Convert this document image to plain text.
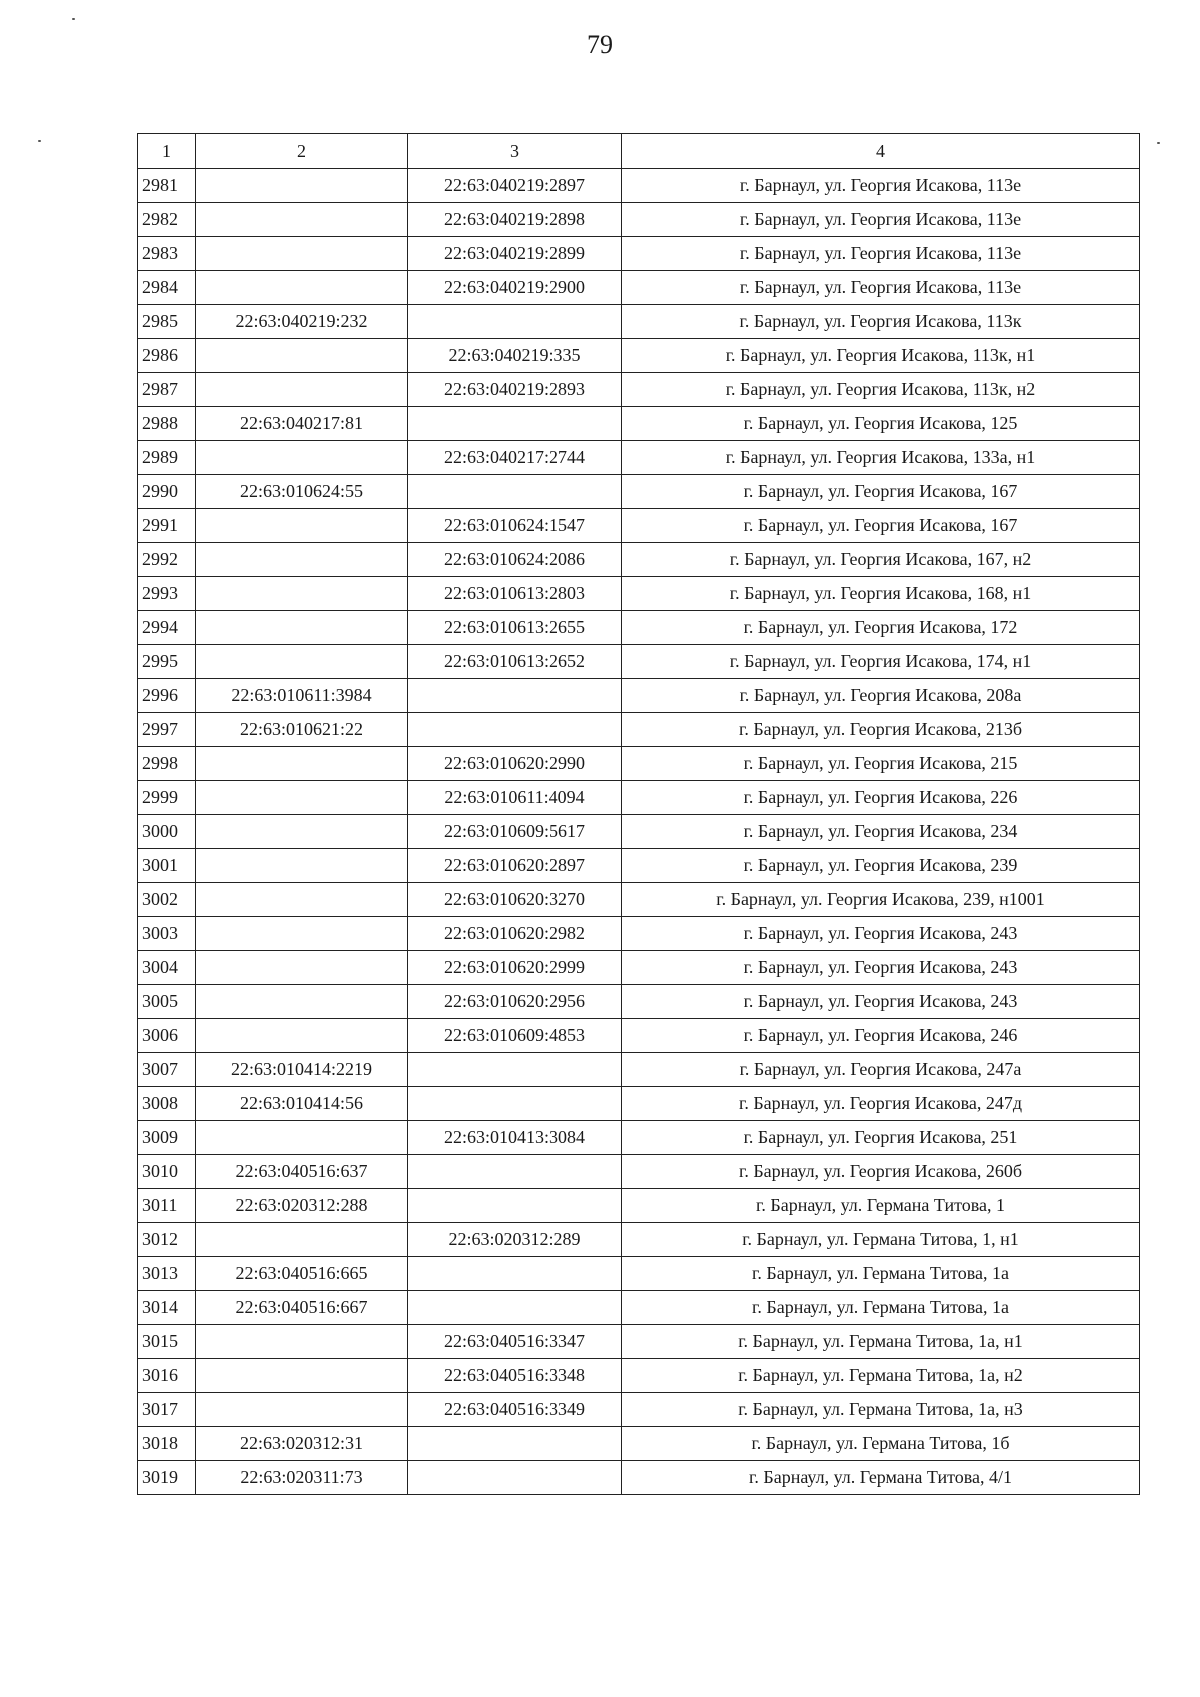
79
1	2	3	4
2981		22:63:040219:2897	г. Барнаул, ул. Георгия Исакова, 113е
2982		22:63:040219:2898	г. Барнаул, ул. Георгия Исакова, 113е
2983		22:63:040219:2899	г. Барнаул, ул. Георгия Исакова, 113е
2984		22:63:040219:2900	г. Барнаул, ул. Георгия Исакова, 113е
2985	22:63:040219:232		г. Барнаул, ул. Георгия Исакова, 113к
2986		22:63:040219:335	г. Барнаул, ул. Георгия Исакова, 113к, н1
2987		22:63:040219:2893	г. Барнаул, ул. Георгия Исакова, 113к, н2
2988	22:63:040217:81		г. Барнаул, ул. Георгия Исакова, 125
2989		22:63:040217:2744	г. Барнаул, ул. Георгия Исакова, 133а, н1
2990	22:63:010624:55		г. Барнаул, ул. Георгия Исакова, 167
2991		22:63:010624:1547	г. Барнаул, ул. Георгия Исакова, 167
2992		22:63:010624:2086	г. Барнаул, ул. Георгия Исакова, 167, н2
2993		22:63:010613:2803	г. Барнаул, ул. Георгия Исакова, 168, н1
2994		22:63:010613:2655	г. Барнаул, ул. Георгия Исакова, 172
2995		22:63:010613:2652	г. Барнаул, ул. Георгия Исакова, 174, н1
2996	22:63:010611:3984		г. Барнаул, ул. Георгия Исакова, 208а
2997	22:63:010621:22		г. Барнаул, ул. Георгия Исакова, 213б
2998		22:63:010620:2990	г. Барнаул, ул. Георгия Исакова, 215
2999		22:63:010611:4094	г. Барнаул, ул. Георгия Исакова, 226
3000		22:63:010609:5617	г. Барнаул, ул. Георгия Исакова, 234
3001		22:63:010620:2897	г. Барнаул, ул. Георгия Исакова, 239
3002		22:63:010620:3270	г. Барнаул, ул. Георгия Исакова, 239, н1001
3003		22:63:010620:2982	г. Барнаул, ул. Георгия Исакова, 243
3004		22:63:010620:2999	г. Барнаул, ул. Георгия Исакова, 243
3005		22:63:010620:2956	г. Барнаул, ул. Георгия Исакова, 243
3006		22:63:010609:4853	г. Барнаул, ул. Георгия Исакова, 246
3007	22:63:010414:2219		г. Барнаул, ул. Георгия Исакова, 247а
3008	22:63:010414:56		г. Барнаул, ул. Георгия Исакова, 247д
3009		22:63:010413:3084	г. Барнаул, ул. Георгия Исакова, 251
3010	22:63:040516:637		г. Барнаул, ул. Георгия Исакова, 260б
3011	22:63:020312:288		г. Барнаул, ул. Германа Титова, 1
3012		22:63:020312:289	г. Барнаул, ул. Германа Титова, 1, н1
3013	22:63:040516:665		г. Барнаул, ул. Германа Титова, 1а
3014	22:63:040516:667		г. Барнаул, ул. Германа Титова, 1а
3015		22:63:040516:3347	г. Барнаул, ул. Германа Титова, 1а, н1
3016		22:63:040516:3348	г. Барнаул, ул. Германа Титова, 1а, н2
3017		22:63:040516:3349	г. Барнаул, ул. Германа Титова, 1а, н3
3018	22:63:020312:31		г. Барнаул, ул. Германа Титова, 1б
3019	22:63:020311:73		г. Барнаул, ул. Германа Титова, 4/1
